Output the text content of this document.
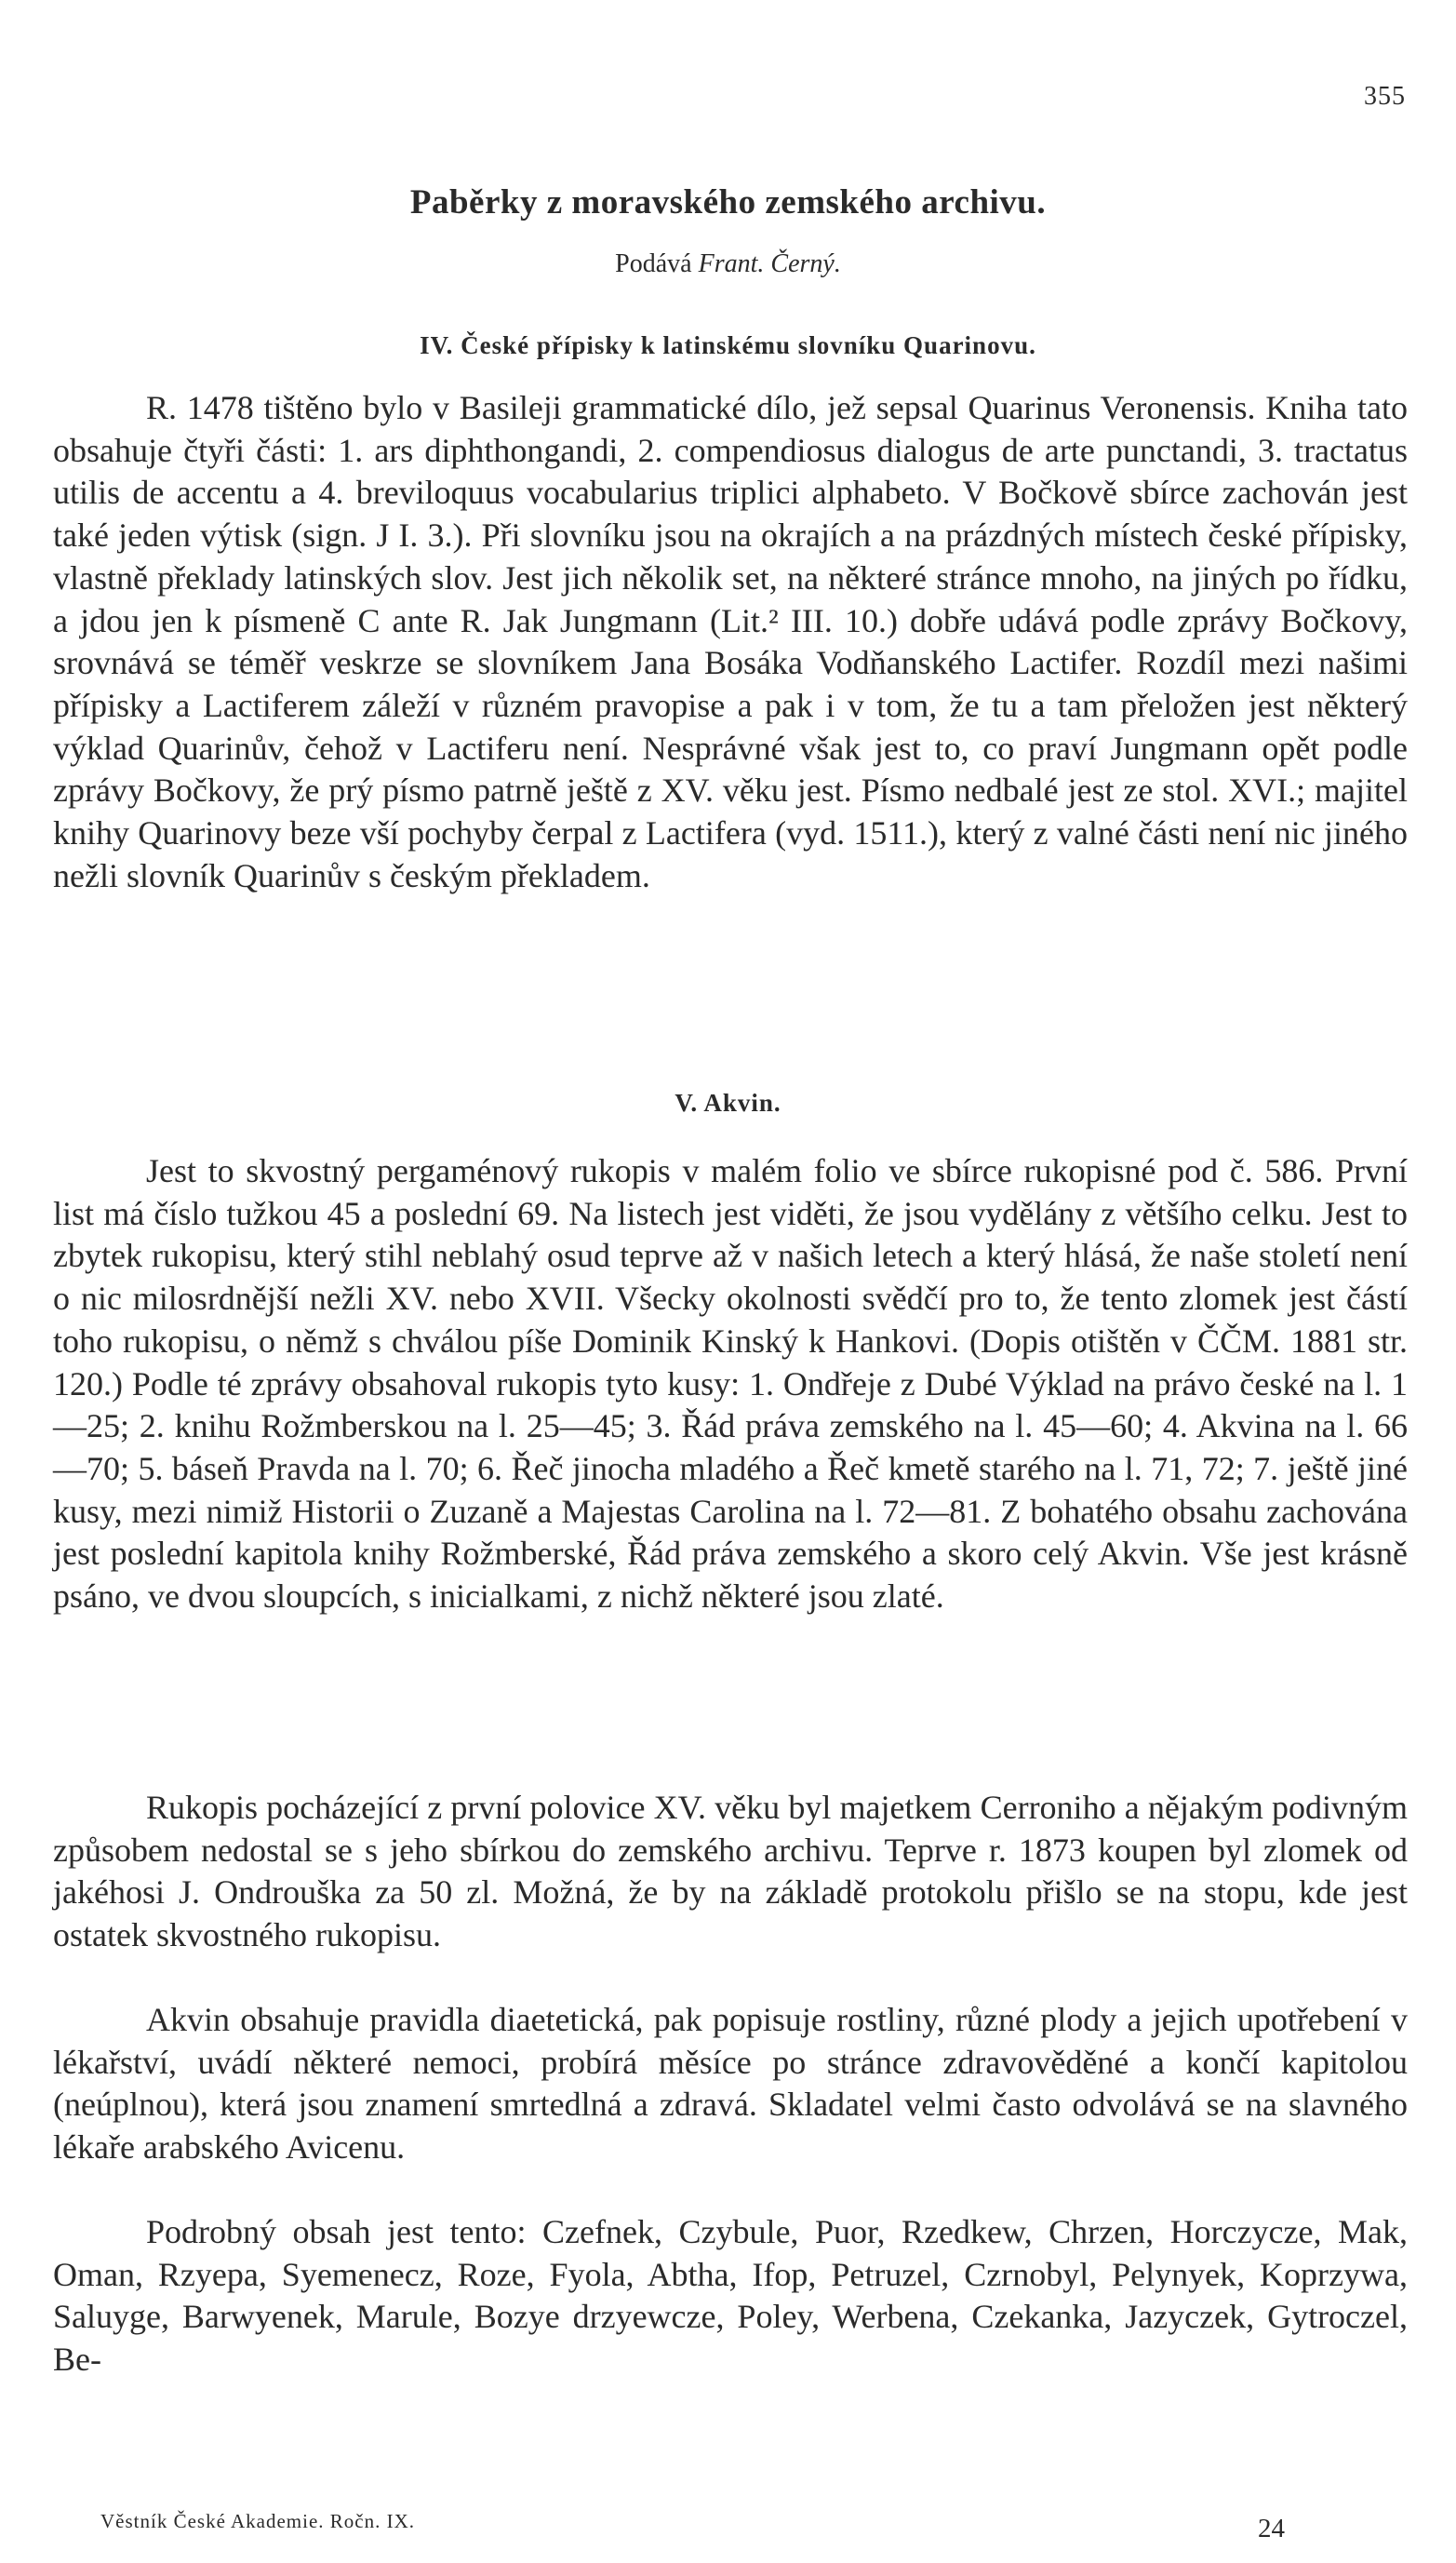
355
Paběrky z moravského zemského archivu.
Podává Frant. Černý.
IV. České přípisky k latinskému slovníku Quarinovu.

R. 1478 tištěno bylo v Basileji grammatické dílo, jež sepsal Quarinus Veronensis. Kniha tato obsahuje čtyři části: 1. ars diphthongandi, 2. compendiosus dialogus de arte punctandi, 3. tractatus utilis de accentu a 4. breviloquus vocabularius triplici alphabeto. V Bočkově sbírce zachován jest také jeden výtisk (sign. J I. 3.). Při slovníku jsou na okrajích a na prázdných místech české přípisky, vlastně překlady latinských slov. Jest jich několik set, na některé stránce mnoho, na jiných po řídku, a jdou jen k písmeně C ante R. Jak Jungmann (Lit.² III. 10.) dobře udává podle zprávy Bočkovy, srovnává se téměř veskrze se slovníkem Jana Bosáka Vodňanského Lactifer. Rozdíl mezi našimi přípisky a Lactiferem záleží v různém pravopise a pak i v tom, že tu a tam přeložen jest některý výklad Quarinův, čehož v Lactiferu není. Nesprávné však jest to, co praví Jungmann opět podle zprávy Bočkovy, že prý písmo patrně ještě z XV. věku jest. Písmo nedbalé jest ze stol. XVI.; majitel knihy Quarinovy beze vší pochyby čerpal z Lactifera (vyd. 1511.), který z valné části není nic jiného nežli slovník Quarinův s českým překladem.

V. Akvin.

Jest to skvostný pergaménový rukopis v malém folio ve sbírce rukopisné pod č. 586. První list má číslo tužkou 45 a poslední 69. Na listech jest viděti, že jsou vydělány z většího celku. Jest to zbytek rukopisu, který stihl neblahý osud teprve až v našich letech a který hlásá, že naše století není o nic milosrdnější nežli XV. nebo XVII. Všecky okolnosti svědčí pro to, že tento zlomek jest částí toho rukopisu, o němž s chválou píše Dominik Kinský k Hankovi. (Dopis otištěn v ČČM. 1881 str. 120.) Podle té zprávy obsahoval rukopis tyto kusy: 1. Ondřeje z Dubé Výklad na právo české na l. 1—25; 2. knihu Rožmberskou na l. 25—45; 3. Řád práva zemského na l. 45—60; 4. Akvina na l. 66—70; 5. báseň Pravda na l. 70; 6. Řeč jinocha mladého a Řeč kmetě starého na l. 71, 72; 7. ještě jiné kusy, mezi nimiž Historii o Zuzaně a Majestas Carolina na l. 72—81. Z bohatého obsahu zachována jest poslední kapitola knihy Rožmberské, Řád práva zemského a skoro celý Akvin. Vše jest krásně psáno, ve dvou sloupcích, s inicialkami, z nichž některé jsou zlaté.

Rukopis pocházející z první polovice XV. věku byl majetkem Cerroniho a nějakým podivným způsobem nedostal se s jeho sbírkou do zemského archivu. Teprve r. 1873 koupen byl zlomek od jakéhosi J. Ondrouška za 50 zl. Možná, že by na základě protokolu přišlo se na stopu, kde jest ostatek skvostného rukopisu.

Akvin obsahuje pravidla diaetetická, pak popisuje rostliny, různé plody a jejich upotřebení v lékařství, uvádí některé nemoci, probírá měsíce po stránce zdravověděné a končí kapitolou (neúplnou), která jsou znamení smrtedlná a zdravá. Skladatel velmi často odvolává se na slavného lékaře arabského Avicenu.

Podrobný obsah jest tento: Czefnek, Czybule, Puor, Rzedkew, Chrzen, Horczycze, Mak, Oman, Rzyepa, Syemenecz, Roze, Fyola, Abtha, Ifop, Petruzel, Czrnobyl, Pelynyek, Koprzywa, Saluyge, Barwyenek, Marule, Bozye drzyewcze, Poley, Werbena, Czekanka, Jazyczek, Gytroczel, Be-

Věstník České Akademie. Ročn. IX.	24
